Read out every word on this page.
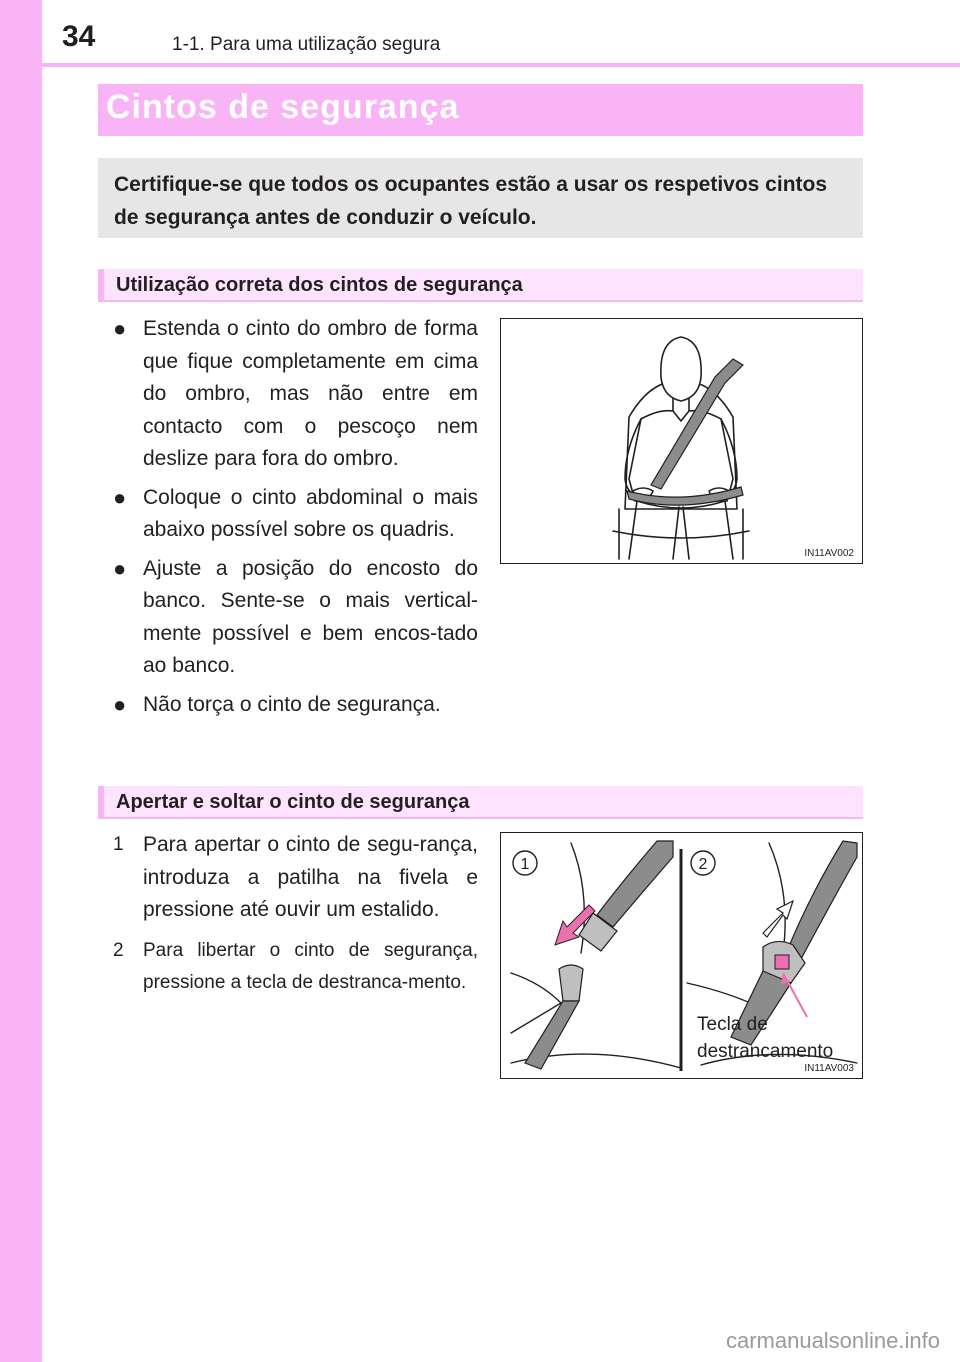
34	1-1. Para uma utilização segura
Cintos de segurança
Certifique-se que todos os ocupantes estão a usar os respetivos cintos de segurança antes de conduzir o veículo.
Utilização correta dos cintos de segurança
● Estenda o cinto do ombro de forma que fique completamente em cima do ombro, mas não entre em contacto com o pescoço nem deslize para fora do ombro.
● Coloque o cinto abdominal o mais abaixo possível sobre os quadris.
● Ajuste a posição do encosto do banco. Sente-se o mais vertical-mente possível e bem encos-tado ao banco.
● Não torça o cinto de segurança.
IN11AV002
Apertar e soltar o cinto de segurança
1 Para apertar o cinto de segu-rança, introduza a patilha na fivela e pressione até ouvir um estalido.
2	Para libertar o cinto de segurança, pressione a tecla de destranca-mento.
1	2
Tecla de
destrancamento
IN11AV003
carmanualsonline.info
